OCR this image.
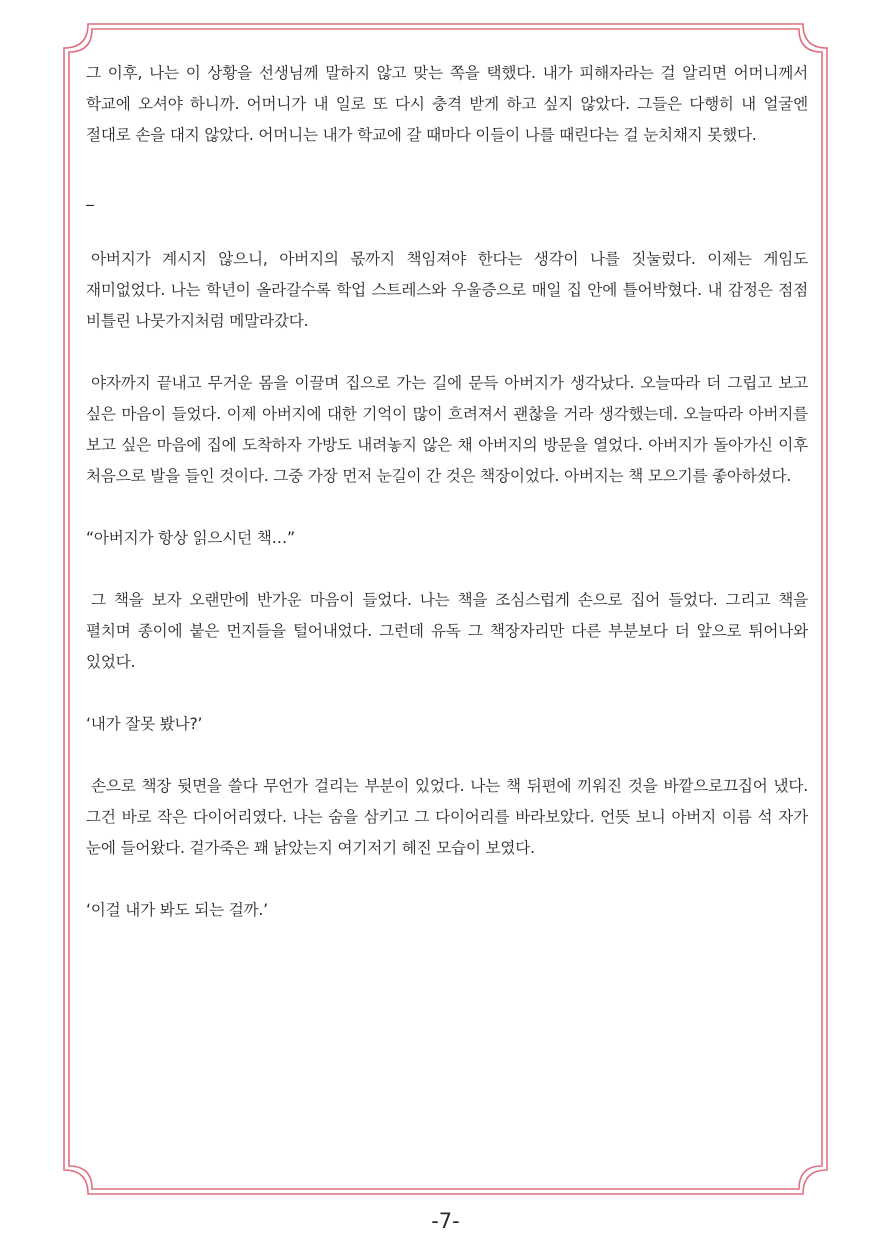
그 이후, 나는 이 상황을 선생님께 말하지 않고 맞는 쪽을 택했다. 내가 피해자라는 걸 알리면 어머니께서 학교에 오셔야 하니까. 어머니가 내 일로 또 다시 충격 받게 하고 싶지 않았다. 그들은 다행히 내 얼굴엔 절대로 손을 대지 않았다. 어머니는 내가 학교에 갈 때마다 이들이 나를 때린다는 걸 눈치채지 못했다.

_

아버지가 계시지 않으니, 아버지의 몫까지 책임져야 한다는 생각이 나를 짓눌렀다. 이제는 게임도 재미없었다. 나는 학년이 올라갈수록 학업 스트레스와 우울증으로 매일 집 안에 틀어박혔다. 내 감정은 점점 비틀린 나뭇가지처럼 메말라갔다.

야자까지 끝내고 무거운 몸을 이끌며 집으로 가는 길에 문득 아버지가 생각났다. 오늘따라 더 그립고 보고 싶은 마음이 들었다. 이제 아버지에 대한 기억이 많이 흐려져서 괜찮을 거라 생각했는데. 오늘따라 아버지를 보고 싶은 마음에 집에 도착하자 가방도 내려놓지 않은 채 아버지의 방문을 열었다. 아버지가 돌아가신 이후 처음으로 발을 들인 것이다. 그중 가장 먼저 눈길이 간 것은 책장이었다. 아버지는 책 모으기를 좋아하셨다.

“아버지가 항상 읽으시던 책…”

그 책을 보자 오랜만에 반가운 마음이 들었다. 나는 책을 조심스럽게 손으로 집어 들었다. 그리고 책을 펼치며 종이에 붙은 먼지들을 털어내었다. 그런데 유독 그 책장자리만 다른 부분보다 더 앞으로 튀어나와 있었다.

‘내가 잘못 봤나?’

손으로 책장 뒷면을 쓸다 무언가 걸리는 부분이 있었다. 나는 책 뒤편에 끼워진 것을 바깥으로끄집어 냈다. 그건 바로 작은 다이어리였다. 나는 숨을 삼키고 그 다이어리를 바라보았다. 언뜻 보니 아버지 이름 석 자가 눈에 들어왔다. 겉가죽은 꽤 낡았는지 여기저기 헤진 모습이 보였다.

‘이걸 내가 봐도 되는 걸까.’

-7-
